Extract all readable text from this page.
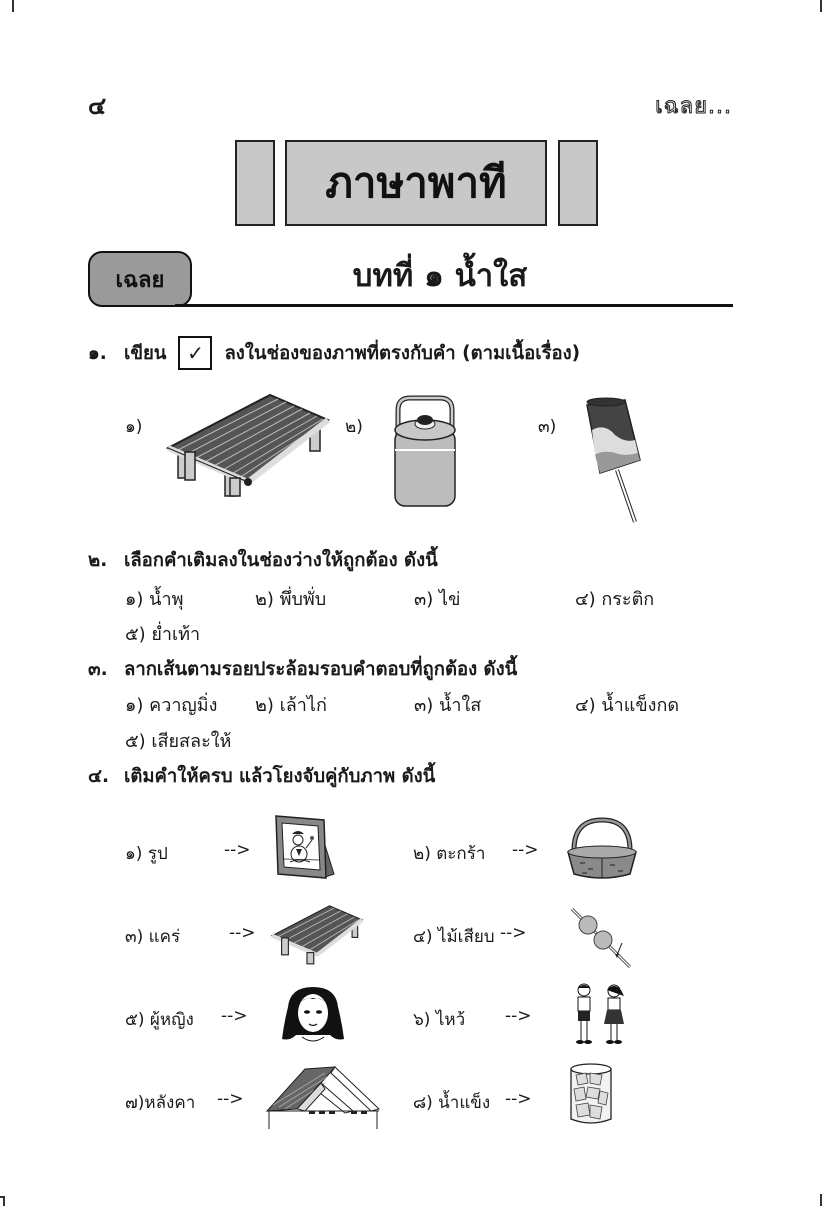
๔	เฉลย...
ภาษาพาที
เฉลย	บทที่ ๑ น้ำใส
๑. เขียน	✓	ลงในช่องของภาพที่ตรงกับคำ (ตามเนื้อเรื่อง)
๑)	๒)	๓)
๒. เลือกคำเติมลงในช่องว่างให้ถูกต้อง ดังนี้
๑) น้ำพุ	๒) พึ่บพั่บ	๓) ไข่	๔) กระติก
๕) ย่ำเท้า
๓. ลากเส้นตามรอยประล้อมรอบคำตอบที่ถูกต้อง ดังนี้
๑) ควาญมิ่ง ๒) เล้าไก่	๓) น้ำใส	๔) น้ำแข็งกด
๕) เสียสละให้
๔. เติมคำให้ครบ แล้วโยงจับคู่กับภาพ ดังนี้
๑) รูป	-->	๒) ตะกร้า -->
๓) แคร่	-->	๔) ไม้เสียบ -->
๕) ผู้หญิง -->	๖) ไหว้ -->
๗)หลังคา -->	๘) น้ำแข็ง -->
